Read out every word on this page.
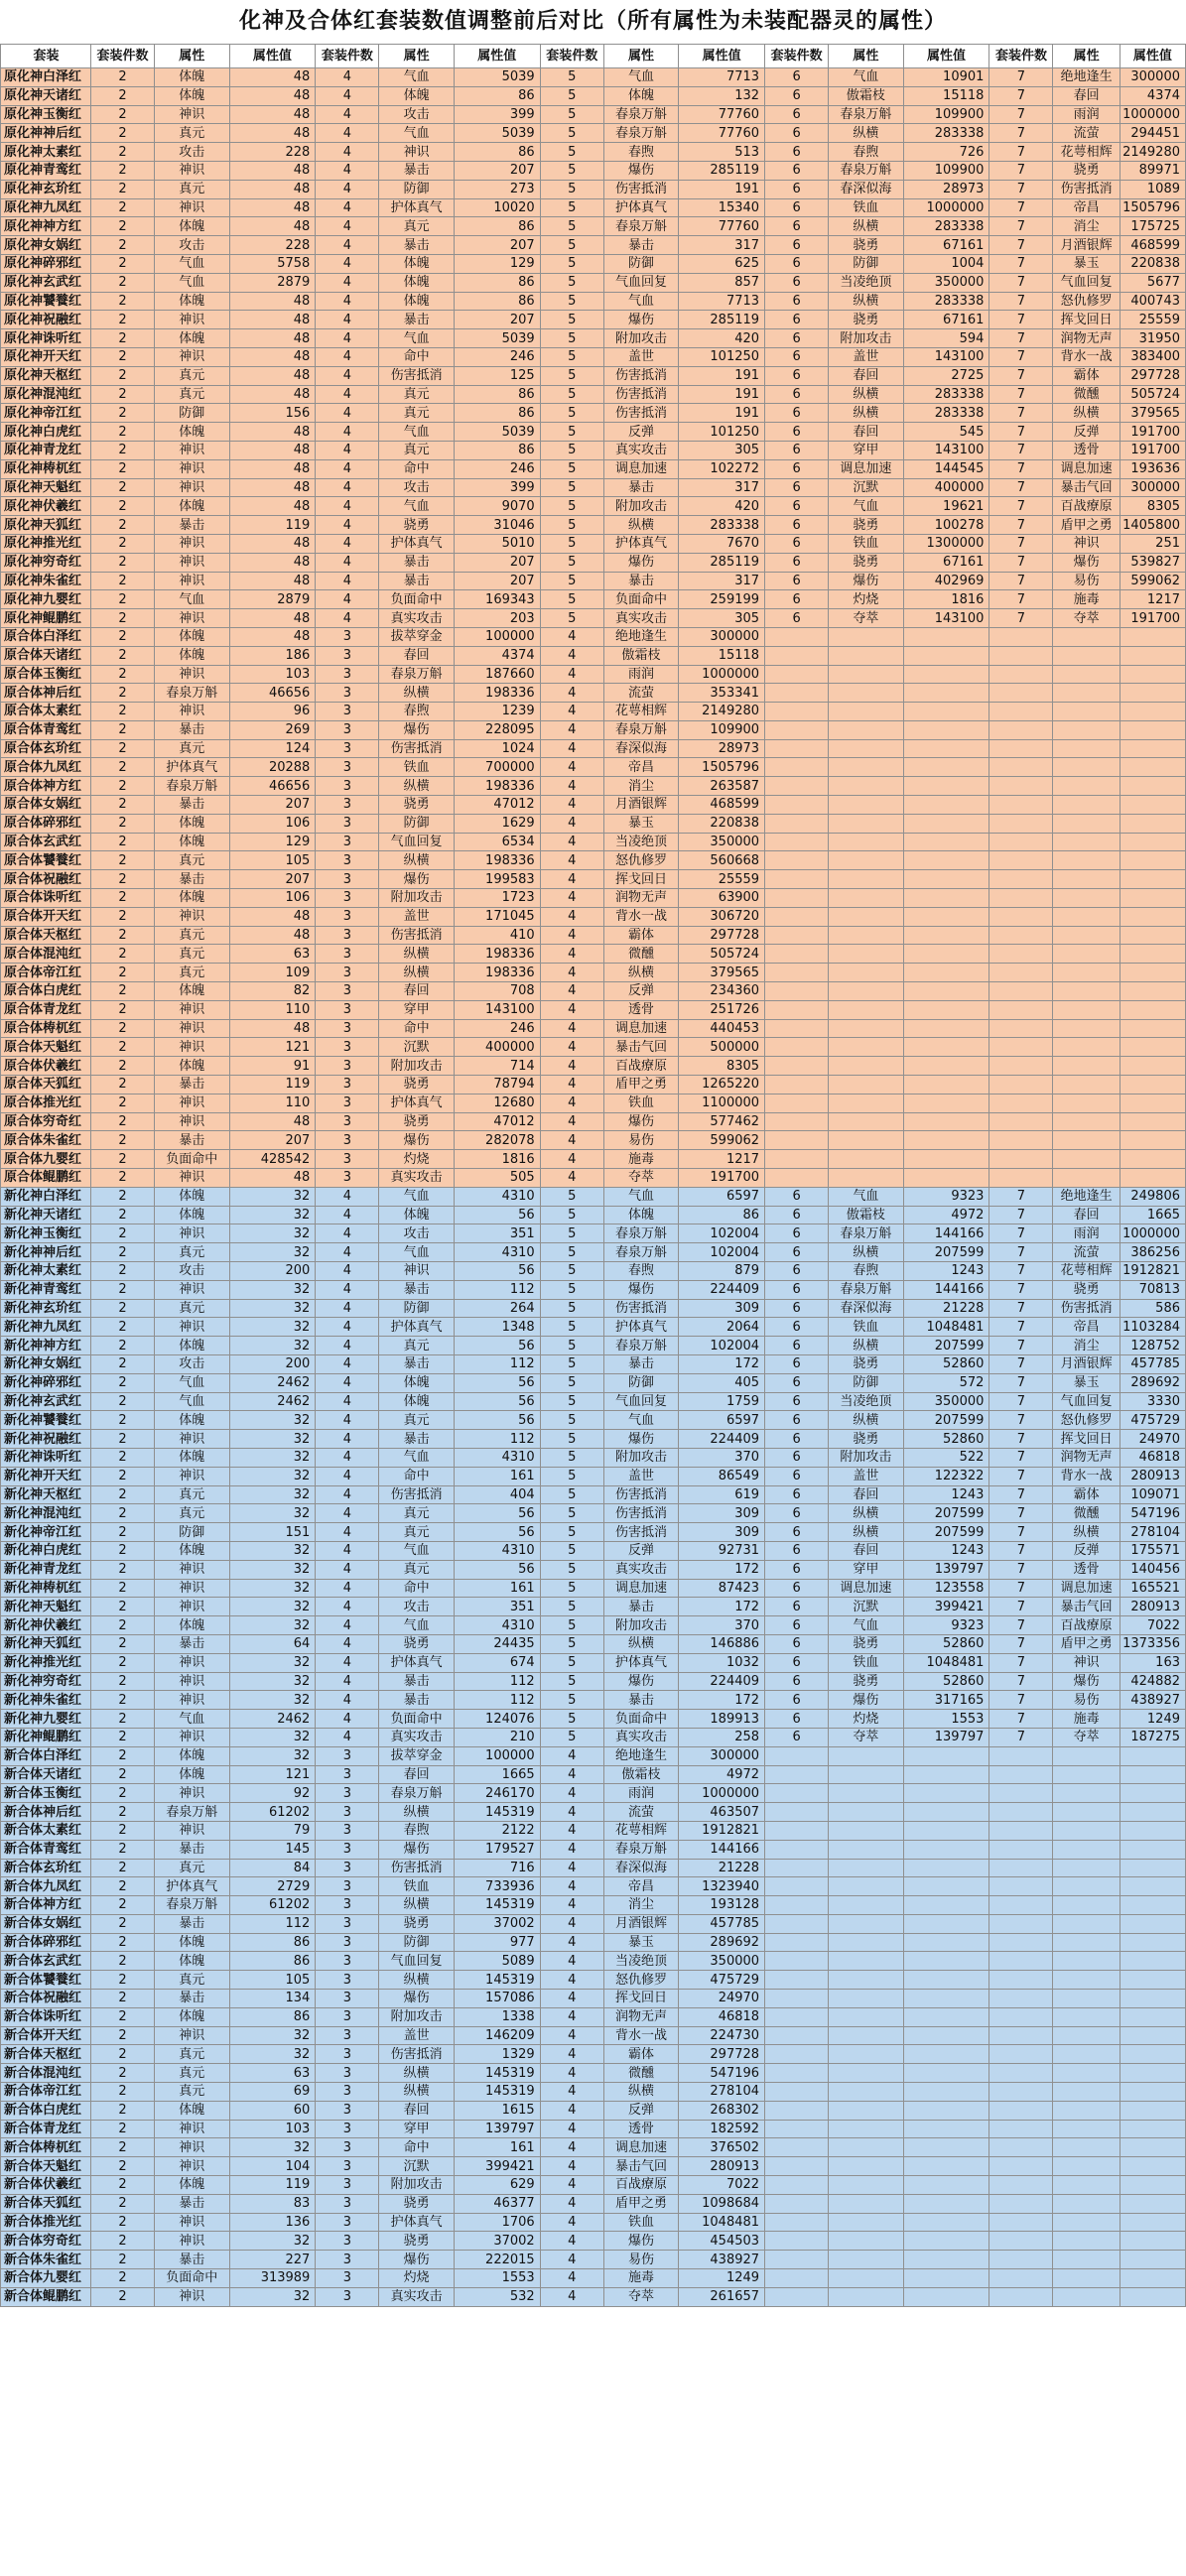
化神及合体红套装数值调整前后对比（所有属性为未装配器灵的属性）
套装	套装件数	属性	属性值	套装件数	属性	属性值	套装件数	属性	属性值	套装件数	属性	属性值	套装件数	属性	属性值
原化神白泽红	2	体魄	48	4	气血	5039	5	气血	7713	6	气血	10901	7	绝地逢生	300000
原化神天诸红	2	体魄	48	4	体魄	86	5	体魄	132	6	傲霜枝	15118	7	春回	4374
原化神玉衡红	2	神识	48	4	攻击	399	5	春泉万斛	77760	6	春泉万斛	109900	7	雨润	1000000
原化神神后红	2	真元	48	4	气血	5039	5	春泉万斛	77760	6	纵横	283338	7	流萤	294451
原化神太素红	2	攻击	228	4	神识	86	5	春煦	513	6	春煦	726	7	花萼相辉	2149280
原化神青鸾红	2	神识	48	4	暴击	207	5	爆伤	285119	6	春泉万斛	109900	7	骁勇	89971
原化神玄玠红	2	真元	48	4	防御	273	5	伤害抵消	191	6	春深似海	28973	7	伤害抵消	1089
原化神九凤红	2	神识	48	4	护体真气	10020	5	护体真气	15340	6	铁血	1000000	7	帝昌	1505796
原化神神方红	2	体魄	48	4	真元	86	5	春泉万斛	77760	6	纵横	283338	7	消尘	175725
原化神女娲红	2	攻击	228	4	暴击	207	5	暴击	317	6	骁勇	67161	7	月酒银辉	468599
原化神碎邪红	2	气血	5758	4	体魄	129	5	防御	625	6	防御	1004	7	暴玉	220838
原化神玄武红	2	气血	2879	4	体魄	86	5	气血回复	857	6	当凌绝顶	350000	7	气血回复	5677
原化神饕餮红	2	体魄	48	4	体魄	86	5	气血	7713	6	纵横	283338	7	怒仇修罗	400743
原化神祝融红	2	神识	48	4	暴击	207	5	爆伤	285119	6	骁勇	67161	7	挥戈回日	25559
原化神诛听红	2	体魄	48	4	气血	5039	5	附加攻击	420	6	附加攻击	594	7	润物无声	31950
原化神开天红	2	神识	48	4	命中	246	5	盖世	101250	6	盖世	143100	7	背水一战	383400
原化神天枢红	2	真元	48	4	伤害抵消	125	5	伤害抵消	191	6	春回	2725	7	霸体	297728
原化神混沌红	2	真元	48	4	真元	86	5	伤害抵消	191	6	纵横	283338	7	微醺	505724
原化神帝江红	2	防御	156	4	真元	86	5	伤害抵消	191	6	纵横	283338	7	纵横	379565
原化神白虎红	2	体魄	48	4	气血	5039	5	反弹	101250	6	春回	545	7	反弹	191700
原化神青龙红	2	神识	48	4	真元	86	5	真实攻击	305	6	穿甲	143100	7	透骨	191700
原化神梼杌红	2	神识	48	4	命中	246	5	调息加速	102272	6	调息加速	144545	7	调息加速	193636
原化神天魁红	2	神识	48	4	攻击	399	5	暴击	317	6	沉默	400000	7	暴击气回	300000
原化神伏羲红	2	体魄	48	4	气血	9070	5	附加攻击	420	6	气血	19621	7	百战療原	8305
原化神天狐红	2	暴击	119	4	骁勇	31046	5	纵横	283338	6	骁勇	100278	7	盾甲之勇	1405800
原化神推光红	2	神识	48	4	护体真气	5010	5	护体真气	7670	6	铁血	1300000	7	神识	251
原化神穷奇红	2	神识	48	4	暴击	207	5	爆伤	285119	6	骁勇	67161	7	爆伤	539827
原化神朱雀红	2	神识	48	4	暴击	207	5	暴击	317	6	爆伤	402969	7	易伤	599062
原化神九婴红	2	气血	2879	4	负面命中	169343	5	负面命中	259199	6	灼烧	1816	7	施毒	1217
原化神鲲鹏红	2	神识	48	4	真实攻击	203	5	真实攻击	305	6	夺萃	143100	7	夺萃	191700
原合体白泽红	2	体魄	48	3	拔萃穿金	100000	4	绝地逢生	300000						
原合体天诸红	2	体魄	186	3	春回	4374	4	傲霜枝	15118						
原合体玉衡红	2	神识	103	3	春泉万斛	187660	4	雨润	1000000						
原合体神后红	2	春泉万斛	46656	3	纵横	198336	4	流萤	353341						
原合体太素红	2	神识	96	3	春煦	1239	4	花萼相辉	2149280						
原合体青鸾红	2	暴击	269	3	爆伤	228095	4	春泉万斛	109900						
原合体玄玠红	2	真元	124	3	伤害抵消	1024	4	春深似海	28973						
原合体九凤红	2	护体真气	20288	3	铁血	700000	4	帝昌	1505796						
原合体神方红	2	春泉万斛	46656	3	纵横	198336	4	消尘	263587						
原合体女娲红	2	暴击	207	3	骁勇	47012	4	月酒银辉	468599						
原合体碎邪红	2	体魄	106	3	防御	1629	4	暴玉	220838						
原合体玄武红	2	体魄	129	3	气血回复	6534	4	当凌绝顶	350000						
原合体饕餮红	2	真元	105	3	纵横	198336	4	怒仇修罗	560668						
原合体祝融红	2	暴击	207	3	爆伤	199583	4	挥戈回日	25559						
原合体诛听红	2	体魄	106	3	附加攻击	1723	4	润物无声	63900						
原合体开天红	2	神识	48	3	盖世	171045	4	背水一战	306720						
原合体天枢红	2	真元	48	3	伤害抵消	410	4	霸体	297728						
原合体混沌红	2	真元	63	3	纵横	198336	4	微醺	505724						
原合体帝江红	2	真元	109	3	纵横	198336	4	纵横	379565						
原合体白虎红	2	体魄	82	3	春回	708	4	反弹	234360						
原合体青龙红	2	神识	110	3	穿甲	143100	4	透骨	251726						
原合体梼杌红	2	神识	48	3	命中	246	4	调息加速	440453						
原合体天魁红	2	神识	121	3	沉默	400000	4	暴击气回	500000						
原合体伏羲红	2	体魄	91	3	附加攻击	714	4	百战療原	8305						
原合体天狐红	2	暴击	119	3	骁勇	78794	4	盾甲之勇	1265220						
原合体推光红	2	神识	110	3	护体真气	12680	4	铁血	1100000						
原合体穷奇红	2	神识	48	3	骁勇	47012	4	爆伤	577462						
原合体朱雀红	2	暴击	207	3	爆伤	282078	4	易伤	599062						
原合体九婴红	2	负面命中	428542	3	灼烧	1816	4	施毒	1217						
原合体鲲鹏红	2	神识	48	3	真实攻击	505	4	夺萃	191700						
新化神白泽红	2	体魄	32	4	气血	4310	5	气血	6597	6	气血	9323	7	绝地逢生	249806
新化神天诸红	2	体魄	32	4	体魄	56	5	体魄	86	6	傲霜枝	4972	7	春回	1665
新化神玉衡红	2	神识	32	4	攻击	351	5	春泉万斛	102004	6	春泉万斛	144166	7	雨润	1000000
新化神神后红	2	真元	32	4	气血	4310	5	春泉万斛	102004	6	纵横	207599	7	流萤	386256
新化神太素红	2	攻击	200	4	神识	56	5	春煦	879	6	春煦	1243	7	花萼相辉	1912821
新化神青鸾红	2	神识	32	4	暴击	112	5	爆伤	224409	6	春泉万斛	144166	7	骁勇	70813
新化神玄玠红	2	真元	32	4	防御	264	5	伤害抵消	309	6	春深似海	21228	7	伤害抵消	586
新化神九凤红	2	神识	32	4	护体真气	1348	5	护体真气	2064	6	铁血	1048481	7	帝昌	1103284
新化神神方红	2	体魄	32	4	真元	56	5	春泉万斛	102004	6	纵横	207599	7	消尘	128752
新化神女娲红	2	攻击	200	4	暴击	112	5	暴击	172	6	骁勇	52860	7	月酒银辉	457785
新化神碎邪红	2	气血	2462	4	体魄	56	5	防御	405	6	防御	572	7	暴玉	289692
新化神玄武红	2	气血	2462	4	体魄	56	5	气血回复	1759	6	当凌绝顶	350000	7	气血回复	3330
新化神饕餮红	2	体魄	32	4	真元	56	5	气血	6597	6	纵横	207599	7	怒仇修罗	475729
新化神祝融红	2	神识	32	4	暴击	112	5	爆伤	224409	6	骁勇	52860	7	挥戈回日	24970
新化神诛听红	2	体魄	32	4	气血	4310	5	附加攻击	370	6	附加攻击	522	7	润物无声	46818
新化神开天红	2	神识	32	4	命中	161	5	盖世	86549	6	盖世	122322	7	背水一战	280913
新化神天枢红	2	真元	32	4	伤害抵消	404	5	伤害抵消	619	6	春回	1243	7	霸体	109071
新化神混沌红	2	真元	32	4	真元	56	5	伤害抵消	309	6	纵横	207599	7	微醺	547196
新化神帝江红	2	防御	151	4	真元	56	5	伤害抵消	309	6	纵横	207599	7	纵横	278104
新化神白虎红	2	体魄	32	4	气血	4310	5	反弹	92731	6	春回	1243	7	反弹	175571
新化神青龙红	2	神识	32	4	真元	56	5	真实攻击	172	6	穿甲	139797	7	透骨	140456
新化神梼杌红	2	神识	32	4	命中	161	5	调息加速	87423	6	调息加速	123558	7	调息加速	165521
新化神天魁红	2	神识	32	4	攻击	351	5	暴击	172	6	沉默	399421	7	暴击气回	280913
新化神伏羲红	2	体魄	32	4	气血	4310	5	附加攻击	370	6	气血	9323	7	百战療原	7022
新化神天狐红	2	暴击	64	4	骁勇	24435	5	纵横	146886	6	骁勇	52860	7	盾甲之勇	1373356
新化神推光红	2	神识	32	4	护体真气	674	5	护体真气	1032	6	铁血	1048481	7	神识	163
新化神穷奇红	2	神识	32	4	暴击	112	5	爆伤	224409	6	骁勇	52860	7	爆伤	424882
新化神朱雀红	2	神识	32	4	暴击	112	5	暴击	172	6	爆伤	317165	7	易伤	438927
新化神九婴红	2	气血	2462	4	负面命中	124076	5	负面命中	189913	6	灼烧	1553	7	施毒	1249
新化神鲲鹏红	2	神识	32	4	真实攻击	210	5	真实攻击	258	6	夺萃	139797	7	夺萃	187275
新合体白泽红	2	体魄	32	3	拔萃穿金	100000	4	绝地逢生	300000						
新合体天诸红	2	体魄	121	3	春回	1665	4	傲霜枝	4972						
新合体玉衡红	2	神识	92	3	春泉万斛	246170	4	雨润	1000000						
新合体神后红	2	春泉万斛	61202	3	纵横	145319	4	流萤	463507						
新合体太素红	2	神识	79	3	春煦	2122	4	花萼相辉	1912821						
新合体青鸾红	2	暴击	145	3	爆伤	179527	4	春泉万斛	144166						
新合体玄玠红	2	真元	84	3	伤害抵消	716	4	春深似海	21228						
新合体九凤红	2	护体真气	2729	3	铁血	733936	4	帝昌	1323940						
新合体神方红	2	春泉万斛	61202	3	纵横	145319	4	消尘	193128						
新合体女娲红	2	暴击	112	3	骁勇	37002	4	月酒银辉	457785						
新合体碎邪红	2	体魄	86	3	防御	977	4	暴玉	289692						
新合体玄武红	2	体魄	86	3	气血回复	5089	4	当凌绝顶	350000						
新合体饕餮红	2	真元	105	3	纵横	145319	4	怒仇修罗	475729						
新合体祝融红	2	暴击	134	3	爆伤	157086	4	挥戈回日	24970						
新合体诛听红	2	体魄	86	3	附加攻击	1338	4	润物无声	46818						
新合体开天红	2	神识	32	3	盖世	146209	4	背水一战	224730						
新合体天枢红	2	真元	32	3	伤害抵消	1329	4	霸体	297728						
新合体混沌红	2	真元	63	3	纵横	145319	4	微醺	547196						
新合体帝江红	2	真元	69	3	纵横	145319	4	纵横	278104						
新合体白虎红	2	体魄	60	3	春回	1615	4	反弹	268302						
新合体青龙红	2	神识	103	3	穿甲	139797	4	透骨	182592						
新合体梼杌红	2	神识	32	3	命中	161	4	调息加速	376502						
新合体天魁红	2	神识	104	3	沉默	399421	4	暴击气回	280913						
新合体伏羲红	2	体魄	119	3	附加攻击	629	4	百战療原	7022						
新合体天狐红	2	暴击	83	3	骁勇	46377	4	盾甲之勇	1098684						
新合体推光红	2	神识	136	3	护体真气	1706	4	铁血	1048481						
新合体穷奇红	2	神识	32	3	骁勇	37002	4	爆伤	454503						
新合体朱雀红	2	暴击	227	3	爆伤	222015	4	易伤	438927						
新合体九婴红	2	负面命中	313989	3	灼烧	1553	4	施毒	1249						
新合体鲲鹏红	2	神识	32	3	真实攻击	532	4	夺萃	261657						
